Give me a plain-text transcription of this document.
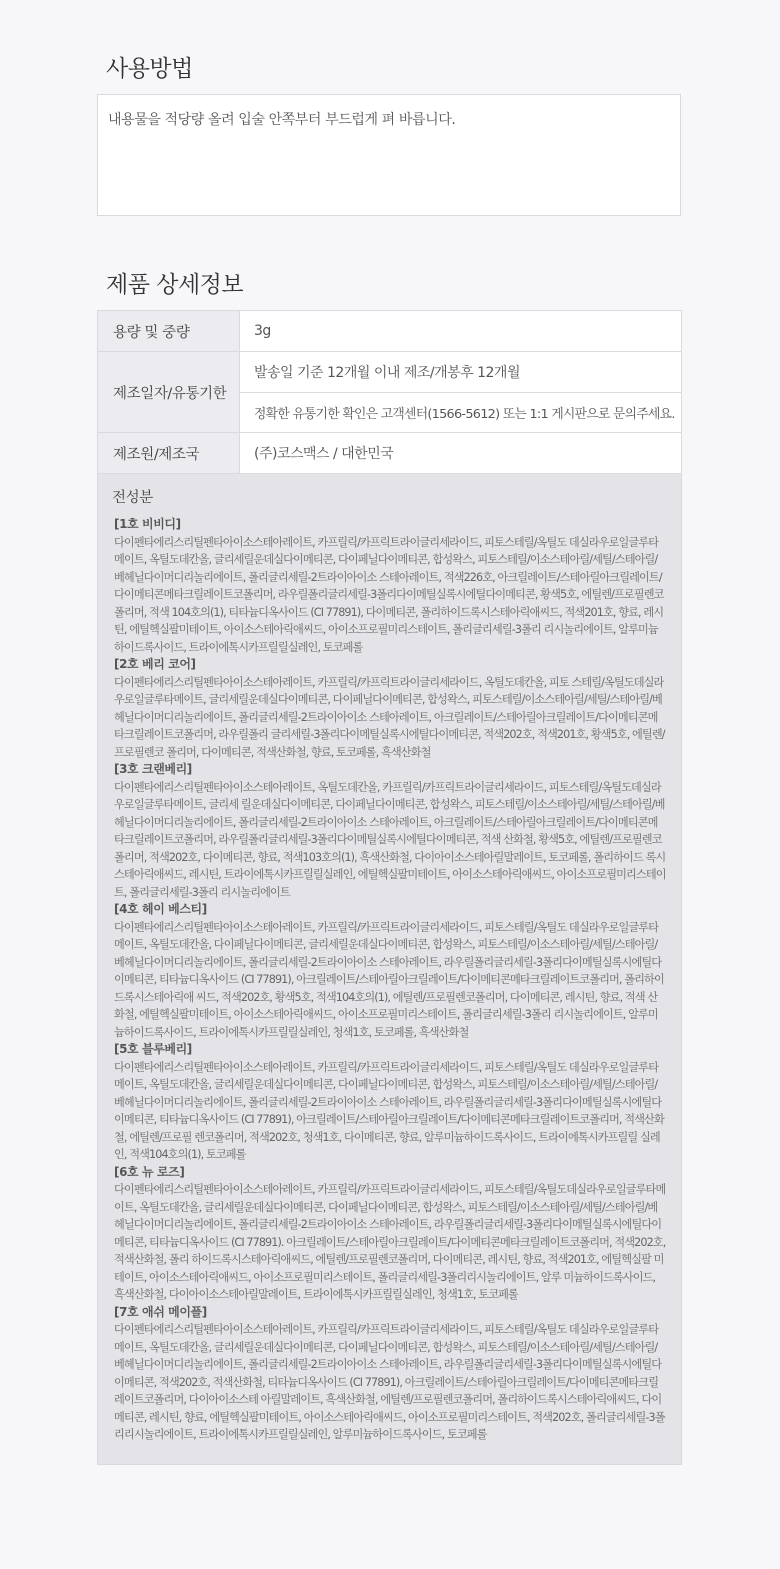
사용방법
내용물을 적당량 올려 입술 안쪽부터 부드럽게 펴 바릅니다.
제품 상세정보
용량 및 중량	3g
제조일자/유통기한
발송일 기준 12개월 이내 제조/개봉후 12개월
정확한 유통기한 확인은 고객센터(1566-5612) 또는 1:1 게시판으로 문의주세요.
제조원/제조국	(주)코스맥스 / 대한민국
전성분
[1호 비비디]
다이펜타에리스리틸펜타아이소스테아레이트, 카프릴릭/카프릭트라이글리세라이드, 피토스테릴/옥틸도 데실라우로일글루타메이트, 옥틸도데칸올, 글리세릴운데실다이메티콘, 다이페닐다이메티콘, 합성왁스, 피토스테릴/이소스테아릴/세틸/스테아릴/베헤닐다이머디리놀리에이트, 폴리글리세릴-2트라이아이소 스테아레이트, 적색226호, 아크릴레이트/스테아릴아크릴레이트/다이메티콘메타크릴레이트코폴리머, 라우릴폴리글리세릴-3폴리다이메틸실록시에틸다이메티콘, 황색5호, 에틸렌/프로필렌코폴리머, 적색 104호의(1), 티타늄디옥사이드 (CI 77891), 다이메티콘, 폴리하이드록시스테아릭애씨드, 적색201호, 향료, 레시틴, 에틸헥실팔미테이트, 아이소스테아릭애씨드, 아이소프로필미리스테이트, 폴리글리세릴-3폴리 리시놀리에이트, 알루미늄하이드록사이드, 트라이에톡시카프릴릴실레인, 토코페롤
[2호 베리 코어]
다이펜타에리스리틸펜타아이소스테아레이트, 카프릴릭/카프릭트라이글리세라이드, 옥틸도데칸올, 피토 스테릴/옥틸도데실라우로일글루타메이트, 글리세릴운데실다이메티콘, 다이페닐다이메티콘, 합성왁스, 피토스테릴/이소스테아릴/세틸/스테아릴/베헤닐다이머디리놀리에이트, 폴리글리세릴-2트라이아이소 스테아레이트, 아크릴레이트/스테아릴아크릴레이트/다이메티콘메타크릴레이트코폴리머, 라우릴폴리 글리세릴-3폴리다이메틸실록시에틸다이메티콘, 적색202호, 적색201호, 황색5호, 에틸렌/프로필렌코 폴리머, 다이메티콘, 적색산화철, 향료, 토코페롤, 흑색산화철
[3호 크랜베리]
다이펜타에리스리틸펜타아이소스테아레이트, 옥틸도데칸올, 카프릴릭/카프릭트라이글리세라이드, 피토스테릴/옥틸도데실라우로일글루타메이트, 글리세 릴운데실다이메티콘, 다이페닐다이메티콘, 합성왁스, 피토스테릴/이소스테아릴/세틸/스테아릴/베헤닐다이머디리놀리에이트, 폴리글리세릴-2트라이아이소 스테아레이트, 아크릴레이트/스테아릴아크릴레이트/다이메티콘메타크릴레이트코폴리머, 라우릴폴리글리세릴-3폴리다이메틸실록시에틸다이메티콘, 적색 산화철, 황색5호, 에틸렌/프로필렌코폴리머, 적색202호, 다이메티콘, 향료, 적색103호의(1), 흑색산화철, 다이아이소스테아릴말레이트, 토코페롤, 폴리하이드 록시스테아릭애씨드, 레시틴, 트라이에톡시카프릴릴실레인, 에틸헥실팔미테이트, 아이소스테아릭애씨드, 아이소프로필미리스테이트, 폴리글리세릴-3폴리 리시놀리에이트
[4호 헤이 베스티]
다이펜타에리스리틸펜타아이소스테아레이트, 카프릴릭/카프릭트라이글리세라이드, 피토스테릴/옥틸도 데실라우로일글루타메이트, 옥틸도데칸올, 다이페닐다이메티콘, 글리세릴운데실다이메티콘, 합성왁스, 피토스테릴/이소스테아릴/세틸/스테아릴/베헤닐다이머디리놀리에이트, 폴리글리세릴-2트라이아이소 스테아레이트, 라우릴폴리글리세릴-3폴리다이메틸실록시에틸다이메티콘, 티타늄디옥사이드 (CI 77891), 아크릴레이트/스테아릴아크릴레이트/다이메티콘메타크릴레이트코폴리머, 폴리하이드록시스테아릭애 씨드, 적색202호, 황색5호, 적색104호의(1), 에틸렌/프로필렌코폴리머, 다이메티콘, 레시틴, 향료, 적색 산화철, 에틸헥실팔미테이트, 아이소스테아릭애씨드, 아이소프로필미리스테이트, 폴리글리세릴-3폴리 리시놀리에이트, 알루미늄하이드록사이드, 트라이에톡시카프릴릴실레인, 청색1호, 토코페롤, 흑색산화철
[5호 블루베리]
다이펜타에리스리틸펜타아이소스테아레이트, 카프릴릭/카프릭트라이글리세라이드, 피토스테릴/옥틸도 데실라우로일글루타메이트, 옥틸도데칸올, 글리세릴운데실다이메티콘, 다이페닐다이메티콘, 합성왁스, 피토스테릴/이소스테아릴/세틸/스테아릴/베헤닐다이머디리놀리에이트, 폴리글리세릴-2트라이아이소 스테아레이트, 라우릴폴리글리세릴-3폴리다이메틸실록시에틸다이메티콘, 티타늄디옥사이드 (CI 77891), 아크릴레이트/스테아릴아크릴레이트/다이메티콘메타크릴레이트코폴리머, 적색산화철, 에틸렌/프로필 렌코폴리머, 적색202호, 청색1호, 다이메티콘, 향료, 알루미늄하이드록사이드, 트라이에톡시카프릴릴 실레인, 적색104호의(1), 토코페롤
[6호 뉴 로즈]
다이펜타에리스리틸펜타아이소스테아레이트, 카프릴릭/카프릭트라이글리세라이드, 피토스테릴/옥틸도데실라우로일글루타메이트, 옥틸도데칸올, 글리세릴운데실다이메티콘, 다이페닐다이메티콘, 합성왁스, 피토스테릴/이소스테아릴/세틸/스테아릴/베헤닐다이머디리놀리에이트, 폴리글리세릴-2트라이아이소 스테아레이트, 라우릴폴리글리세릴-3폴리다이메틸실록시에틸다이메티콘, 티타늄디옥사이드 (CI 77891). 아크릴레이트/스테아릴아크릴레이트/다이메티콘메타크릴레이트코폴리머, 적색202호, 적색산화철, 폴리 하이드록시스테아릭애씨드, 에틸렌/프로필렌코폴리머, 다이메티콘, 레시틴, 향료, 적색201호, 에틸헥실팔 미테이트, 아이소스테아릭애씨드, 아이소프로필미리스테이트, 폴리글리세릴-3폴리리시놀리에이트, 알루 미늄하이드록사이드, 흑색산화철, 다이아이소스테아릴말레이트, 트라이에톡시카프릴릴실레인, 청색1호, 토코페롤
[7호 애쉬 메이플]
다이펜타에리스리틸펜타아이소스테아레이트, 카프릴릭/카프릭트라이글리세라이드, 피토스테릴/옥틸도 데실라우로일글루타메이트, 옥틸도데칸올, 글리세릴운데실다이메티콘, 다이페닐다이메티콘, 합성왁스, 피토스테릴/이소스테아릴/세틸/스테아릴/베헤닐다이머디리놀리에이트, 폴리글리세릴-2트라이아이소 스테아레이트, 라우릴폴리글리세릴-3폴리다이메틸실록시에틸다이메티콘, 적색202호, 적색산화철, 티타늄디옥사이드 (CI 77891), 아크릴레이트/스테아릴아크릴레이트/다이메티콘메타크릴레이트코폴리머, 다이아이소스테 아릴말레이트, 흑색산화철, 에틸렌/프로필렌코폴리머, 폴리하이드록시스테아릭애씨드, 다이메티콘, 레시틴, 향료, 에틸헥실팔미테이트, 아이소스테아릭애씨드, 아이소프로필미리스테이트, 적색202호, 폴리글리세릴-3폴리리시놀리에이트, 트라이에톡시카프릴릴실레인, 알루미늄하이드록사이드, 토코페롤
